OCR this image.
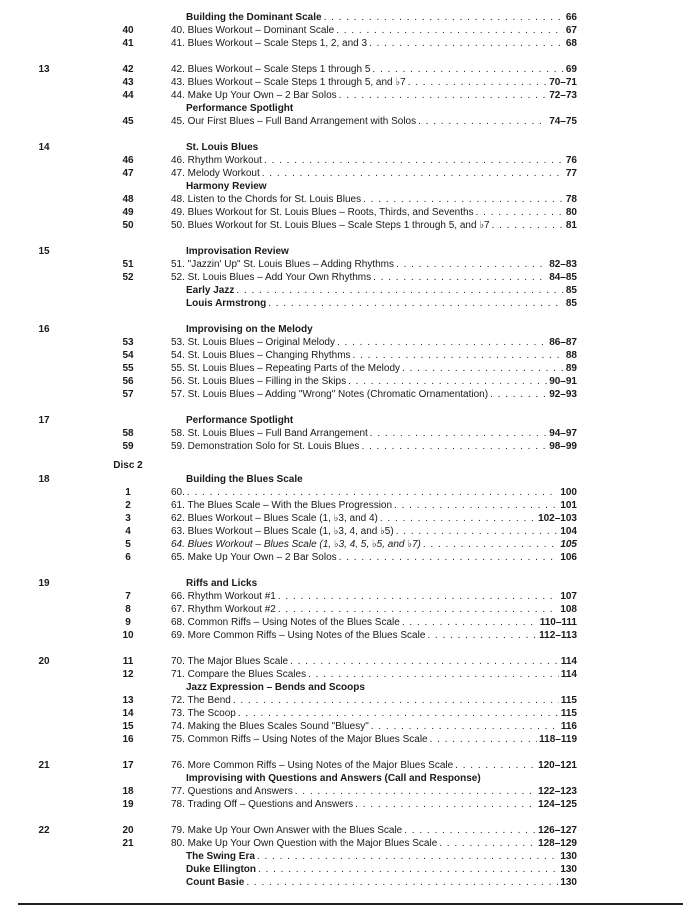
Building the Dominant Scale . . .	66
40	40. Blues Workout – Dominant Scale . . .	67
41	41. Blues Workout – Scale Steps 1, 2, and 3 . . .	68
13	42	42. Blues Workout – Scale Steps 1 through 5 . . .	69
43	43. Blues Workout – Scale Steps 1 through 5, and ♭7 . . .	70–71
44	44. Make Up Your Own – 2 Bar Solos . . .	72–73
Performance Spotlight
45	45. Our First Blues – Full Band Arrangement with Solos . . .	74–75
14	St. Louis Blues
46	46. Rhythm Workout . . .	76
47	47. Melody Workout . . .	77
Harmony Review
48	48. Listen to the Chords for St. Louis Blues . . .	78
49	49. Blues Workout for St. Louis Blues – Roots, Thirds, and Sevenths . . .	80
50	50. Blues Workout for St. Louis Blues – Scale Steps 1 through 5, and ♭7 . . .	81
15	Improvisation Review
51	51. "Jazzin' Up" St. Louis Blues – Adding Rhythms . . .	82–83
52	52. St. Louis Blues – Add Your Own Rhythms . . .	84–85
Early Jazz . . .	85
Louis Armstrong . . .	85
16	Improvising on the Melody
53	53. St. Louis Blues – Original Melody . . .	86–87
54	54. St. Louis Blues – Changing Rhythms . . .	88
55	55. St. Louis Blues – Repeating Parts of the Melody . . .	89
56	56. St. Louis Blues – Filling in the Skips . . .	90–91
57	57. St. Louis Blues – Adding "Wrong" Notes (Chromatic Ornamentation) . . .	92–93
17	Performance Spotlight
58	58. St. Louis Blues – Full Band Arrangement . . .	94–97
59	59. Demonstration Solo for St. Louis Blues . . .	98–99
Disc 2
18	Building the Blues Scale
1	60. . . .	100
2	61. The Blues Scale – With the Blues Progression . . .	101
3	62. Blues Workout – Blues Scale (1, ♭3, and 4) . . .	102–103
4	63. Blues Workout – Blues Scale (1, ♭3, 4, and ♭5) . . .	104
5	64. Blues Workout – Blues Scale (1, ♭3, 4, 5, ♭5, and ♭7) . . .	105
6	65. Make Up Your Own – 2 Bar Solos . . .	106
19	Riffs and Licks
7	66. Rhythm Workout #1 . . .	107
8	67. Rhythm Workout #2 . . .	108
9	68. Common Riffs – Using Notes of the Blues Scale . . .	110–111
10	69. More Common Riffs – Using Notes of the Blues Scale . . .	112–113
20	11	70. The Major Blues Scale . . .	114
12	71. Compare the Blues Scales . . .	114
Jazz Expression – Bends and Scoops
13	72. The Bend . . .	115
14	73. The Scoop . . .	115
15	74. Making the Blues Scales Sound "Bluesy" . . .	116
16	75. Common Riffs – Using Notes of the Major Blues Scale . . .	118–119
21	17	76. More Common Riffs – Using Notes of the Major Blues Scale . . .	120–121
Improvising with Questions and Answers (Call and Response)
18	77. Questions and Answers . . .	122–123
19	78. Trading Off – Questions and Answers . . .	124–125
22	20	79. Make Up Your Own Answer with the Blues Scale . . .	126–127
21	80. Make Up Your Own Question with the Major Blues Scale . . .	128–129
The Swing Era . . .	130
Duke Ellington . . .	130
Count Basie . . .	130
